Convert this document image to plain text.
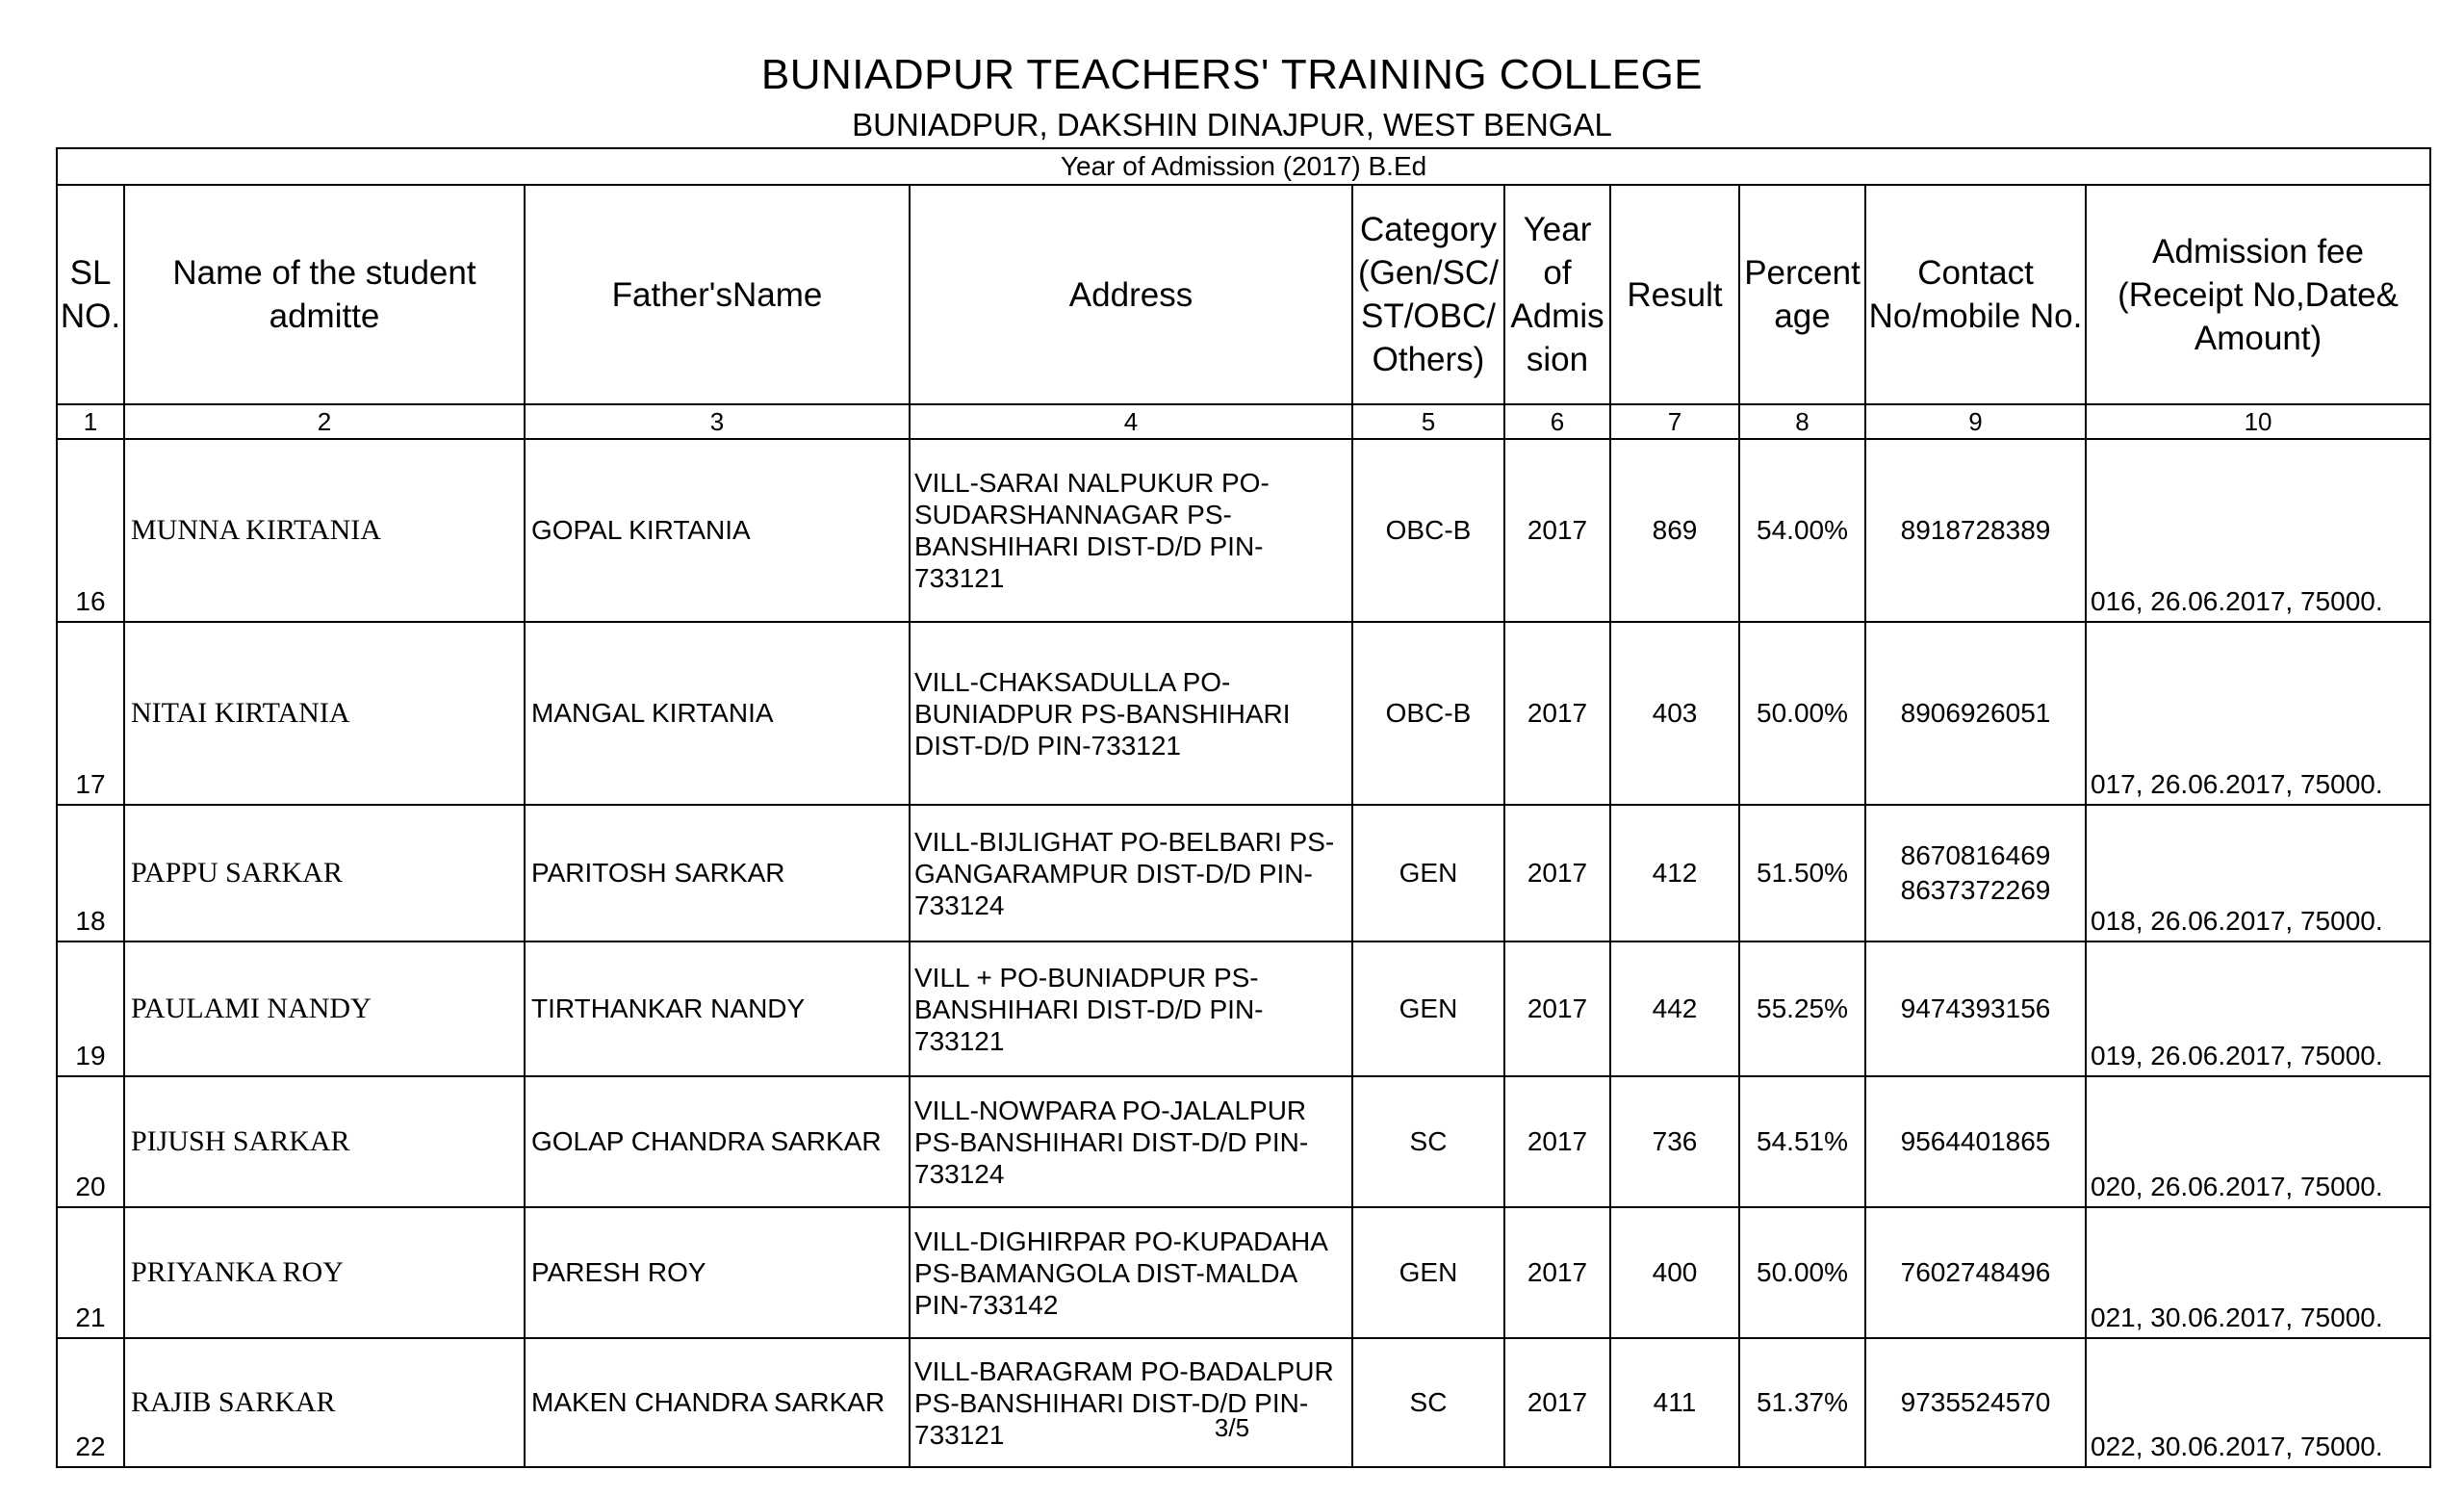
BUNIADPUR TEACHERS' TRAINING COLLEGE
BUNIADPUR, DAKSHIN DINAJPUR, WEST BENGAL
Year of Admission (2017) B.Ed									
SL NO.	Name of the student admitte	Father'sName	Address	Category (Gen/SC/ ST/OBC/ Others)	Year of Admis sion	Result	Percent age	Contact No/mobile No.	Admission fee (Receipt No,Date& Amount)
1	2	3	4	5	6	7	8	9	10
16	MUNNA KIRTANIA	GOPAL KIRTANIA	VILL-SARAI NALPUKUR PO-SUDARSHANNAGAR PS-BANSHIHARI DIST-D/D PIN-733121	OBC-B	2017	869	54.00%	8918728389	016, 26.06.2017, 75000.
17	NITAI KIRTANIA	MANGAL KIRTANIA	VILL-CHAKSADULLA PO-BUNIADPUR PS-BANSHIHARI DIST-D/D PIN-733121	OBC-B	2017	403	50.00%	8906926051	017, 26.06.2017, 75000.
18	PAPPU SARKAR	PARITOSH SARKAR	VILL-BIJLIGHAT PO-BELBARI PS-GANGARAMPUR DIST-D/D PIN-733124	GEN	2017	412	51.50%	8670816469 8637372269	018, 26.06.2017, 75000.
19	PAULAMI NANDY	TIRTHANKAR NANDY	VILL + PO-BUNIADPUR PS-BANSHIHARI DIST-D/D PIN-733121	GEN	2017	442	55.25%	9474393156	019, 26.06.2017, 75000.
20	PIJUSH SARKAR	GOLAP CHANDRA SARKAR	VILL-NOWPARA PO-JALALPUR PS-BANSHIHARI DIST-D/D PIN-733124	SC	2017	736	54.51%	9564401865	020, 26.06.2017, 75000.
21	PRIYANKA ROY	PARESH ROY	VILL-DIGHIRPAR PO-KUPADAHA PS-BAMANGOLA DIST-MALDA PIN-733142	GEN	2017	400	50.00%	7602748496	021, 30.06.2017, 75000.
22	RAJIB SARKAR	MAKEN CHANDRA SARKAR	VILL-BARAGRAM PO-BADALPUR PS-BANSHIHARI DIST-D/D PIN-733121	SC	2017	411	51.37%	9735524570	022, 30.06.2017, 75000.
3/5
